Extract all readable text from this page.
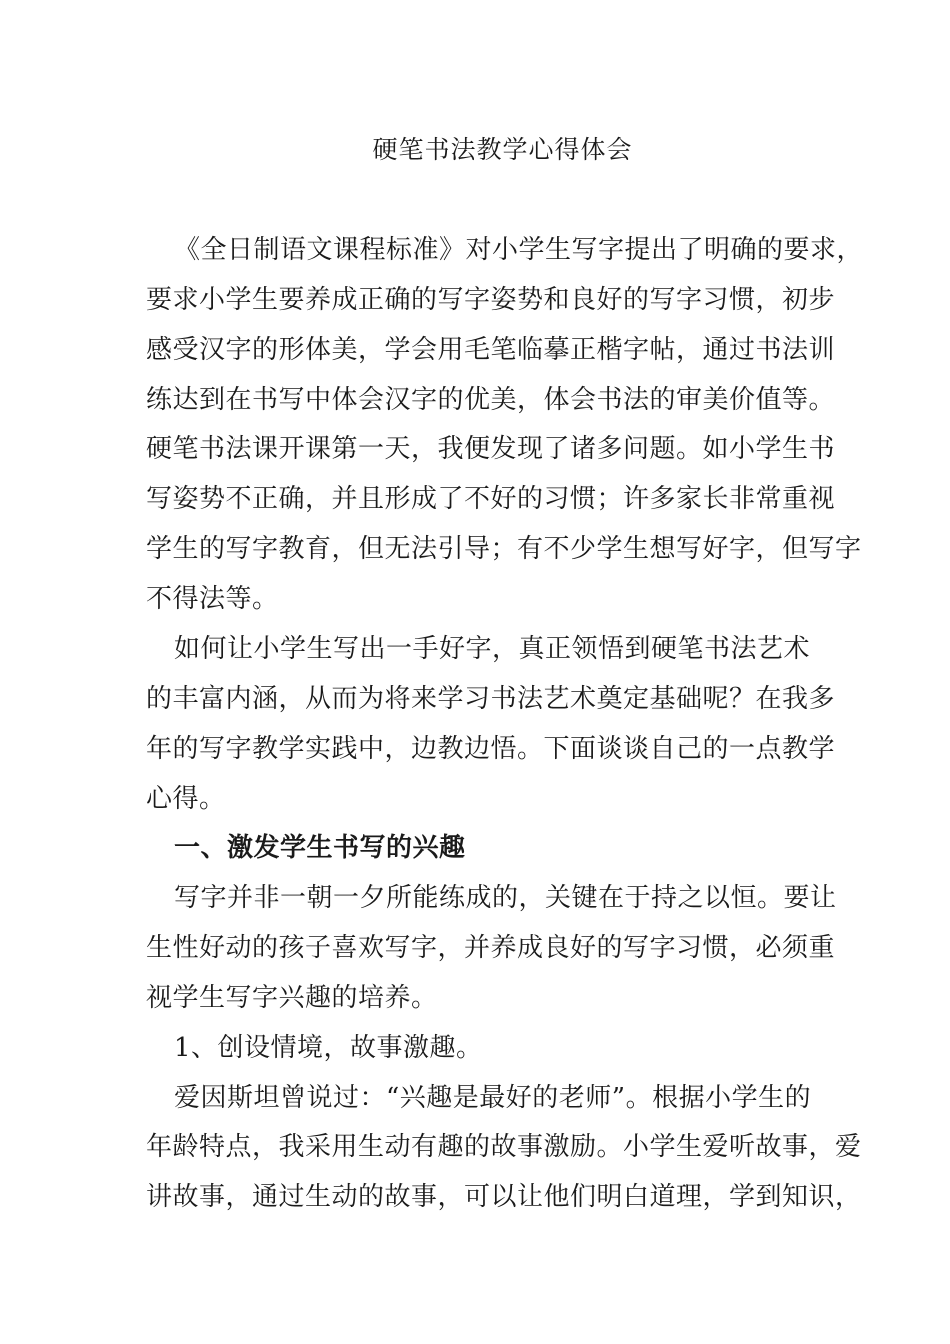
硬笔书法教学心得体会
《全日制语文课程标准》对小学生写字提出了明确的要求，
要求小学生要养成正确的写字姿势和良好的写字习惯，初步
感受汉字的形体美，学会用毛笔临摹正楷字帖，通过书法训
练达到在书写中体会汉字的优美，体会书法的审美价值等。
硬笔书法课开课第一天，我便发现了诸多问题。如小学生书
写姿势不正确，并且形成了不好的习惯；许多家长非常重视
学生的写字教育，但无法引导；有不少学生想写好字，但写字
不得法等。
如何让小学生写出一手好字，真正领悟到硬笔书法艺术
的丰富内涵，从而为将来学习书法艺术奠定基础呢？在我多
年的写字教学实践中，边教边悟。下面谈谈自己的一点教学
心得。
一、激发学生书写的兴趣
写字并非一朝一夕所能练成的，关键在于持之以恒。要让
生性好动的孩子喜欢写字，并养成良好的写字习惯，必须重
视学生写字兴趣的培养。
1、创设情境，故事激趣。
爱因斯坦曾说过：“兴趣是最好的老师”。根据小学生的
年龄特点，我采用生动有趣的故事激励。小学生爱听故事，爱
讲故事，通过生动的故事，可以让他们明白道理，学到知识，
